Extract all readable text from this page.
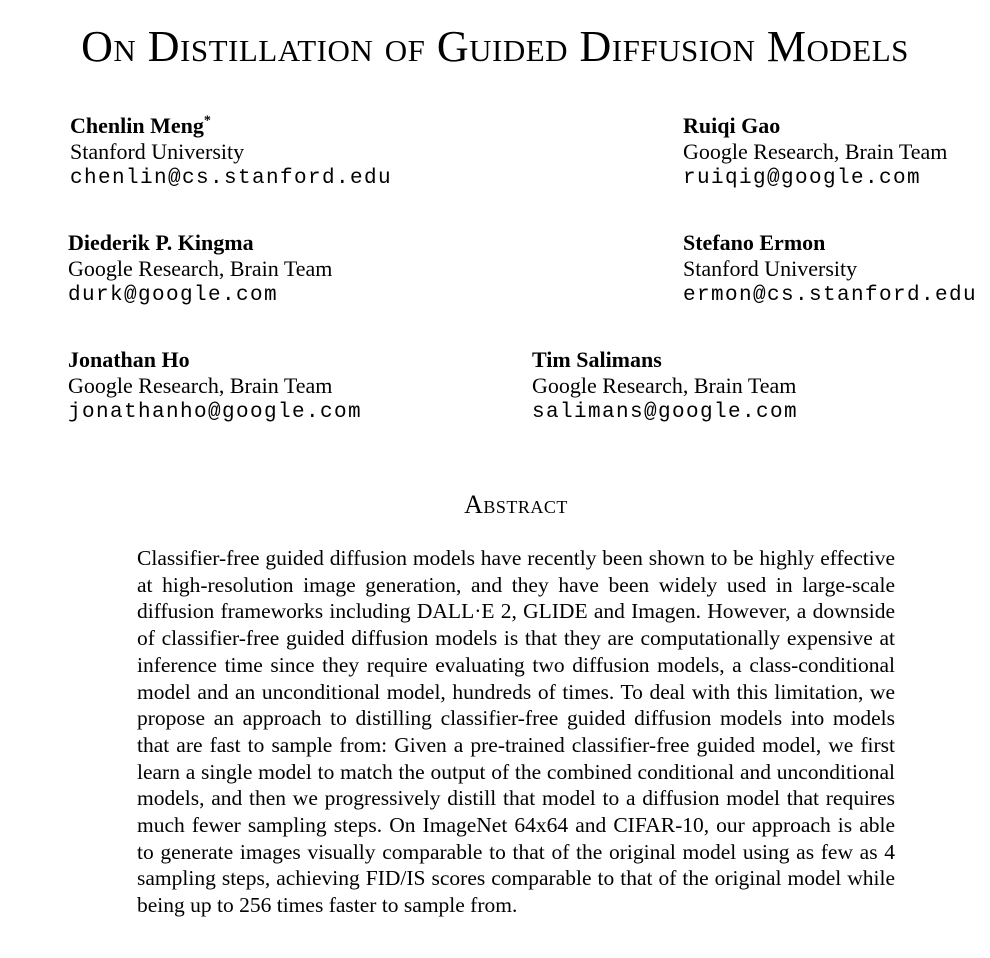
On Distillation of Guided Diffusion Models
Chenlin Meng*
Stanford University
chenlin@cs.stanford.edu
Ruiqi Gao
Google Research, Brain Team
ruiqig@google.com
Diederik P. Kingma
Google Research, Brain Team
durk@google.com
Stefano Ermon
Stanford University
ermon@cs.stanford.edu
Jonathan Ho
Google Research, Brain Team
jonathanho@google.com
Tim Salimans
Google Research, Brain Team
salimans@google.com
Abstract

Classifier-free guided diffusion models have recently been shown to be highly effective at high-resolution image generation, and they have been widely used in large-scale diffusion frameworks including DALL·E 2, GLIDE and Imagen. However, a downside of classifier-free guided diffusion models is that they are computationally expensive at inference time since they require evaluating two diffusion models, a class-conditional model and an unconditional model, hundreds of times. To deal with this limitation, we propose an approach to distilling classifier-free guided diffusion models into models that are fast to sample from: Given a pre-trained classifier-free guided model, we first learn a single model to match the output of the combined conditional and unconditional models, and then we progressively distill that model to a diffusion model that requires much fewer sampling steps. On ImageNet 64x64 and CIFAR-10, our approach is able to generate images visually comparable to that of the original model using as few as 4 sampling steps, achieving FID/IS scores comparable to that of the original model while being up to 256 times faster to sample from.
